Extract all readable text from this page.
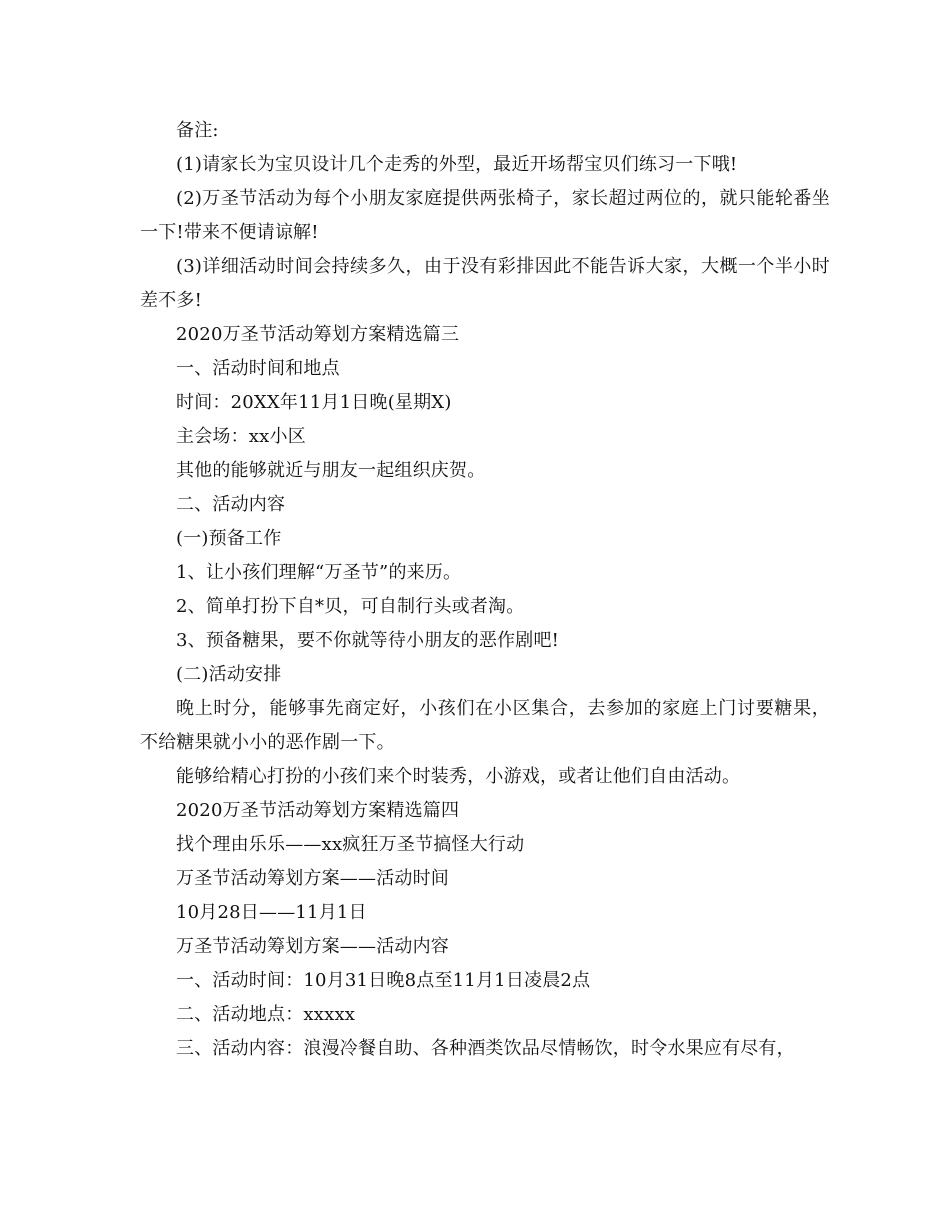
备注:

(1)请家长为宝贝设计几个走秀的外型，最近开场帮宝贝们练习一下哦!

(2)万圣节活动为每个小朋友家庭提供两张椅子，家长超过两位的，就只能轮番坐一下!带来不便请谅解!

(3)详细活动时间会持续多久，由于没有彩排因此不能告诉大家，大概一个半小时差不多!

2020万圣节活动筹划方案精选篇三

一、活动时间和地点

时间：20XX年11月1日晚(星期X)

主会场：xx小区

其他的能够就近与朋友一起组织庆贺。

二、活动内容

(一)预备工作

1、让小孩们理解“万圣节”的来历。

2、简单打扮下自*贝，可自制行头或者淘。

3、预备糖果，要不你就等待小朋友的恶作剧吧!

(二)活动安排

晚上时分，能够事先商定好，小孩们在小区集合，去参加的家庭上门讨要糖果，不给糖果就小小的恶作剧一下。

能够给精心打扮的小孩们来个时装秀，小游戏，或者让他们自由活动。

2020万圣节活动筹划方案精选篇四

找个理由乐乐——xx疯狂万圣节搞怪大行动

万圣节活动筹划方案——活动时间

10月28日——11月1日

万圣节活动筹划方案——活动内容

一、活动时间：10月31日晚8点至11月1日凌晨2点

二、活动地点：xxxxx

三、活动内容：浪漫冷餐自助、各种酒类饮品尽情畅饮，时令水果应有尽有，
